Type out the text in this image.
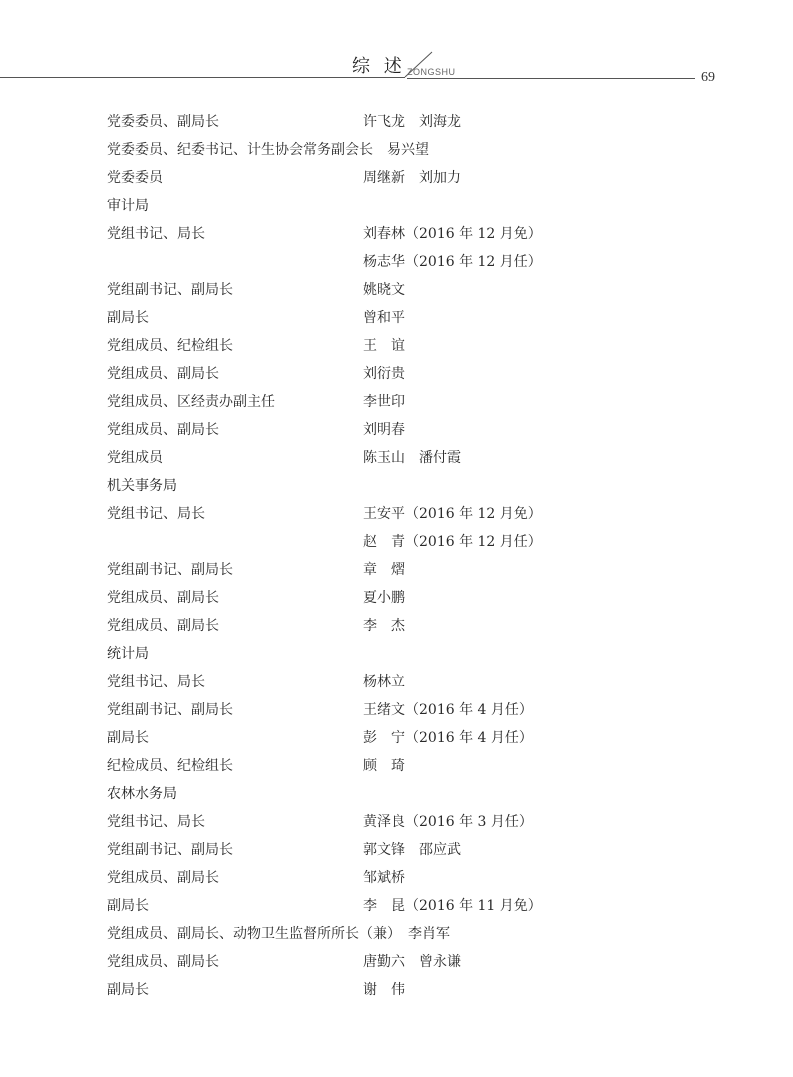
综 述 ZONGSHU	69
党委委员、副局长	许飞龙　刘海龙
党委委员、纪委书记、计生协会常务副会长　易兴望
党委委员	周继新　刘加力
审计局
党组书记、局长	刘春林（2016 年 12 月免）
杨志华（2016 年 12 月任）
党组副书记、副局长	姚晓文
副局长	曾和平
党组成员、纪检组长	王　谊
党组成员、副局长	刘衍贵
党组成员、区经责办副主任	李世印
党组成员、副局长	刘明春
党组成员	陈玉山　潘付霞
机关事务局
党组书记、局长	王安平（2016 年 12 月免）
赵　青（2016 年 12 月任）
党组副书记、副局长	章　熠
党组成员、副局长	夏小鹏
党组成员、副局长	李　杰
统计局
党组书记、局长	杨林立
党组副书记、副局长	王绪文（2016 年 4 月任）
副局长	彭　宁（2016 年 4 月任）
纪检成员、纪检组长	顾　琦
农林水务局
党组书记、局长	黄泽良（2016 年 3 月任）
党组副书记、副局长	郭文锋　邵应武
党组成员、副局长	邹斌桥
副局长	李　昆（2016 年 11 月免）
党组成员、副局长、动物卫生监督所所长（兼）　李肖军
党组成员、副局长	唐勤六　曾永谦
副局长	谢　伟
